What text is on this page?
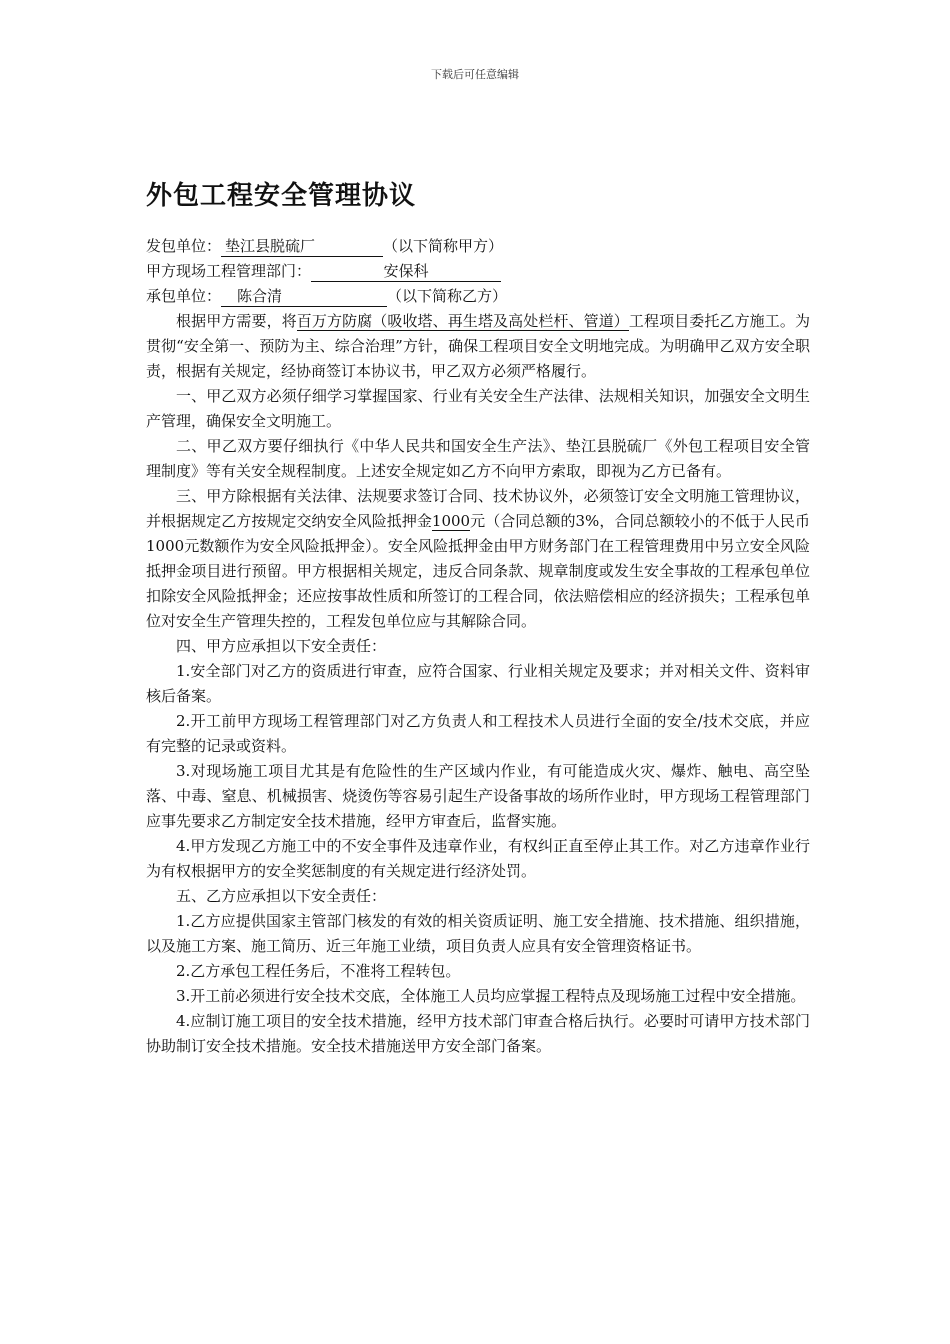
下载后可任意编辑
外包工程安全管理协议
发包单位： 垫江县脱硫厂	（以下简称甲方）
甲方现场工程管理部门：	安保科
承包单位： 陈合清	（以下简称乙方）

根据甲方需要，将百万方防腐（吸收塔、再生塔及高处栏杆、管道）工程项目委托乙方施工。为贯彻“安全第一、预防为主、综合治理”方针，确保工程项目安全文明地完成。为明确甲乙双方安全职责，根据有关规定，经协商签订本协议书，甲乙双方必须严格履行。

一、甲乙双方必须仔细学习掌握国家、行业有关安全生产法律、法规相关知识，加强安全文明生产管理，确保安全文明施工。

二、甲乙双方要仔细执行《中华人民共和国安全生产法》、垫江县脱硫厂《外包工程项目安全管理制度》等有关安全规程制度。上述安全规定如乙方不向甲方索取，即视为乙方已备有。

三、甲方除根据有关法律、法规要求签订合同、技术协议外，必须签订安全文明施工管理协议，并根据规定乙方按规定交纳安全风险抵押金1000元（合同总额的3%，合同总额较小的不低于人民币1000元数额作为安全风险抵押金）。安全风险抵押金由甲方财务部门在工程管理费用中另立安全风险抵押金项目进行预留。甲方根据相关规定，违反合同条款、规章制度或发生安全事故的工程承包单位扣除安全风险抵押金；还应按事故性质和所签订的工程合同，依法赔偿相应的经济损失；工程承包单位对安全生产管理失控的，工程发包单位应与其解除合同。

四、甲方应承担以下安全责任：

1.安全部门对乙方的资质进行审查，应符合国家、行业相关规定及要求；并对相关文件、资料审核后备案。

2.开工前甲方现场工程管理部门对乙方负责人和工程技术人员进行全面的安全/技术交底，并应有完整的记录或资料。

3.对现场施工项目尤其是有危险性的生产区域内作业，有可能造成火灾、爆炸、触电、高空坠落、中毒、窒息、机械损害、烧烫伤等容易引起生产设备事故的场所作业时，甲方现场工程管理部门应事先要求乙方制定安全技术措施，经甲方审查后，监督实施。

4.甲方发现乙方施工中的不安全事件及违章作业，有权纠正直至停止其工作。对乙方违章作业行为有权根据甲方的安全奖惩制度的有关规定进行经济处罚。

五、乙方应承担以下安全责任：

1.乙方应提供国家主管部门核发的有效的相关资质证明、施工安全措施、技术措施、组织措施，以及施工方案、施工简历、近三年施工业绩，项目负责人应具有安全管理资格证书。

2.乙方承包工程任务后，不准将工程转包。

3.开工前必须进行安全技术交底，全体施工人员均应掌握工程特点及现场施工过程中安全措施。

4.应制订施工项目的安全技术措施，经甲方技术部门审查合格后执行。必要时可请甲方技术部门协助制订安全技术措施。安全技术措施送甲方安全部门备案。
